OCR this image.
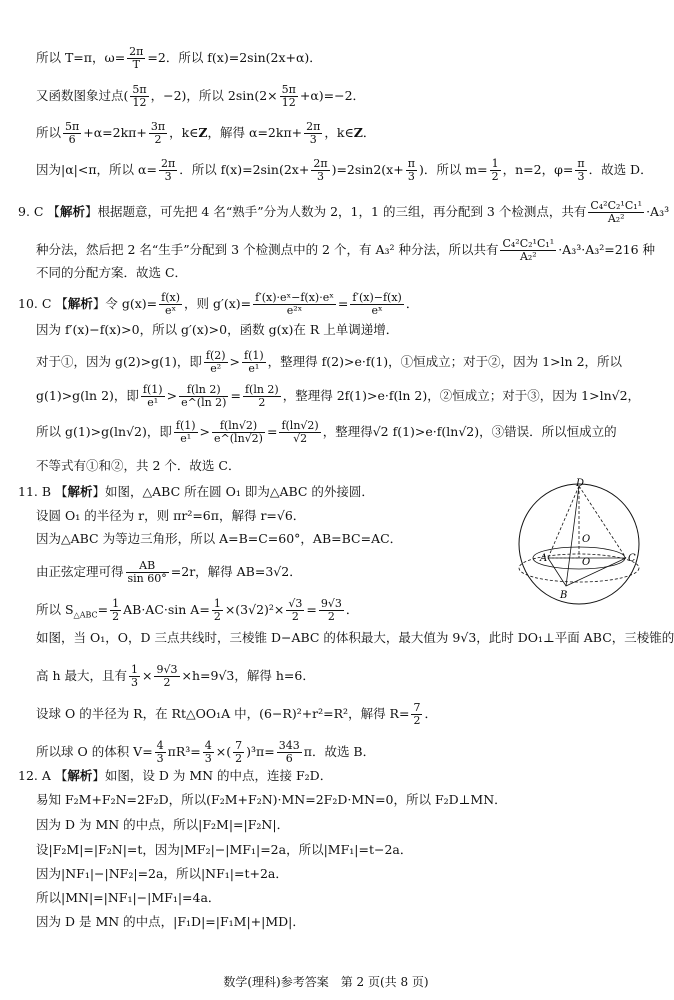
所以 T=π，$\omega= \frac{2\pi}{T} =2$．所以 f(x)=2sin(2x+α)．
又函数图象过点( $\frac{5\pi}{12}$ ，−2)，所以 $2\sin(2\times \frac{5\pi}{12} +\alpha)=-2$．
所以 $\frac{5\pi}{6} +\alpha=2k\pi+ \frac{3\pi}{2}$ ，k∈Z，解得 $\alpha=2k\pi+ \frac{2\pi}{3}$ ，k∈Z．
因为|α|<π，所以 $\alpha= \frac{2\pi}{3}$ ．所以 $f(x)=2\sin(2x+ \frac{2\pi}{3} )=2\sin 2(x+ \frac{\pi}{3}$ )．所以 $m= \frac{1}{2}$ ，n=2，$\varphi= \frac{\pi}{3}$ ．故选 D．
9. C 【解析】根据题意，可先把 4 名“熟手”分为人数为 2，1，1 的三组，再分配到 3 个检测点，共有 $\frac{\text{C₄²C₂¹C₁¹}}{\text{A₂²}} \cdot A_3^3$
种分法，然后把 2 名“生手”分配到 3 个检测点中的 2 个，有 A₃² 种分法，所以共有 $\frac{\text{C₄²C₂¹C₁¹}}{\text{A₂²}} \cdot A_3^3\cdot A_3^2=216$ 种
不同的分配方案．故选 C．
10. C 【解析】令 $g(x)= \frac{f(x)}{\text{eˣ}}$ ，则 $g'(x)= \frac{\text{f′(x)·eˣ−f(x)·eˣ}}{\text{e²ˣ}} = \frac{f'(x)-f(x)}{\text{eˣ}}$ ．
因为 f′(x)−f(x)>0，所以 g′(x)>0，函数 g(x)在 R 上单调递增．
对于①，因为 g(2)>g(1)，即 $\frac{f(2)}{\text{e²}} > \frac{f(1)}{\text{e¹}}$ ，整理得 f(2)>e·f(1)，①恒成立；对于②，因为 1>ln 2，所以
g(1)>g(ln 2)，即 $\frac{f(1)}{\text{e¹}} > \frac{f(\ln 2)}{e\^{}(\ln 2)} = \frac{f(\ln 2)}{2}$ ，整理得 2f(1)>e·f(ln 2)，②恒成立；对于③，因为 1>ln√2，
所以 g(1)>g(ln√2)，即 $\frac{f(1)}{\text{e¹}} > \frac{f(\ln√2)}{e\^{}(\ln√2)} = \frac{f(\ln√2)}{√2}$ ，整理得√2 f(1)>e·f(ln√2)，③错误．所以恒成立的
不等式有①和②，共 2 个．故选 C．
11. B 【解析】如图，△ABC 所在圆 O₁ 即为△ABC 的外接圆．
设圆 O₁ 的半径为 r，则 πr²=6π，解得 r=√6．
因为△ABC 为等边三角形，所以 A=B=C=60°，AB=BC=AC．
由正弦定理可得 $\frac{AB}{\sin 60^\circ} =2r$，解得 AB=3√2．
所以 $S_{\triangle ABC}= \frac{1}{2} AB\cdot AC\cdot\sin$ $A= \frac{1}{2} \times(3√2)^2\times \frac{√3}{2} = \frac{9√3}{2}$ ．
如图，当 O₁，O，D 三点共线时，三棱锥 D−ABC 的体积最大，最大值为 9√3，此时 DO₁⊥平面 ABC，三棱锥的
高 h 最大，且有 $\frac{1}{3} \times \frac{9√3}{2} \times h=9√3$，解得 h=6．
设球 O 的半径为 R，在 Rt△OO₁A 中，(6−R)²+r²=R²，解得 $R= \frac{7}{2}$ ．
所以球 O 的体积 $V= \frac{4}{3} \pi R^3= \frac{4}{3}$ ×( $\frac{7}{2} )^3\pi= \frac{343}{6}$ π．故选 B．
D
O
O
A
B
C
12. A 【解析】如图，设 D 为 MN 的中点，连接 F₂D．
易知 F₂M+F₂N=2F₂D，所以(F₂M+F₂N)·MN=2F₂D·MN=0，所以 F₂D⊥MN．
因为 D 为 MN 的中点，所以|F₂M|=|F₂N|．
设|F₂M|=|F₂N|=t，因为|MF₂|−|MF₁|=2a，所以|MF₁|=t−2a．
因为|NF₁|−|NF₂|=2a，所以|NF₁|=t+2a．
所以|MN|=|NF₁|−|MF₁|=4a．
因为 D 是 MN 的中点，|F₁D|=|F₁M|+|MD|．
数学(理科)参考答案　第 2 页(共 8 页)
